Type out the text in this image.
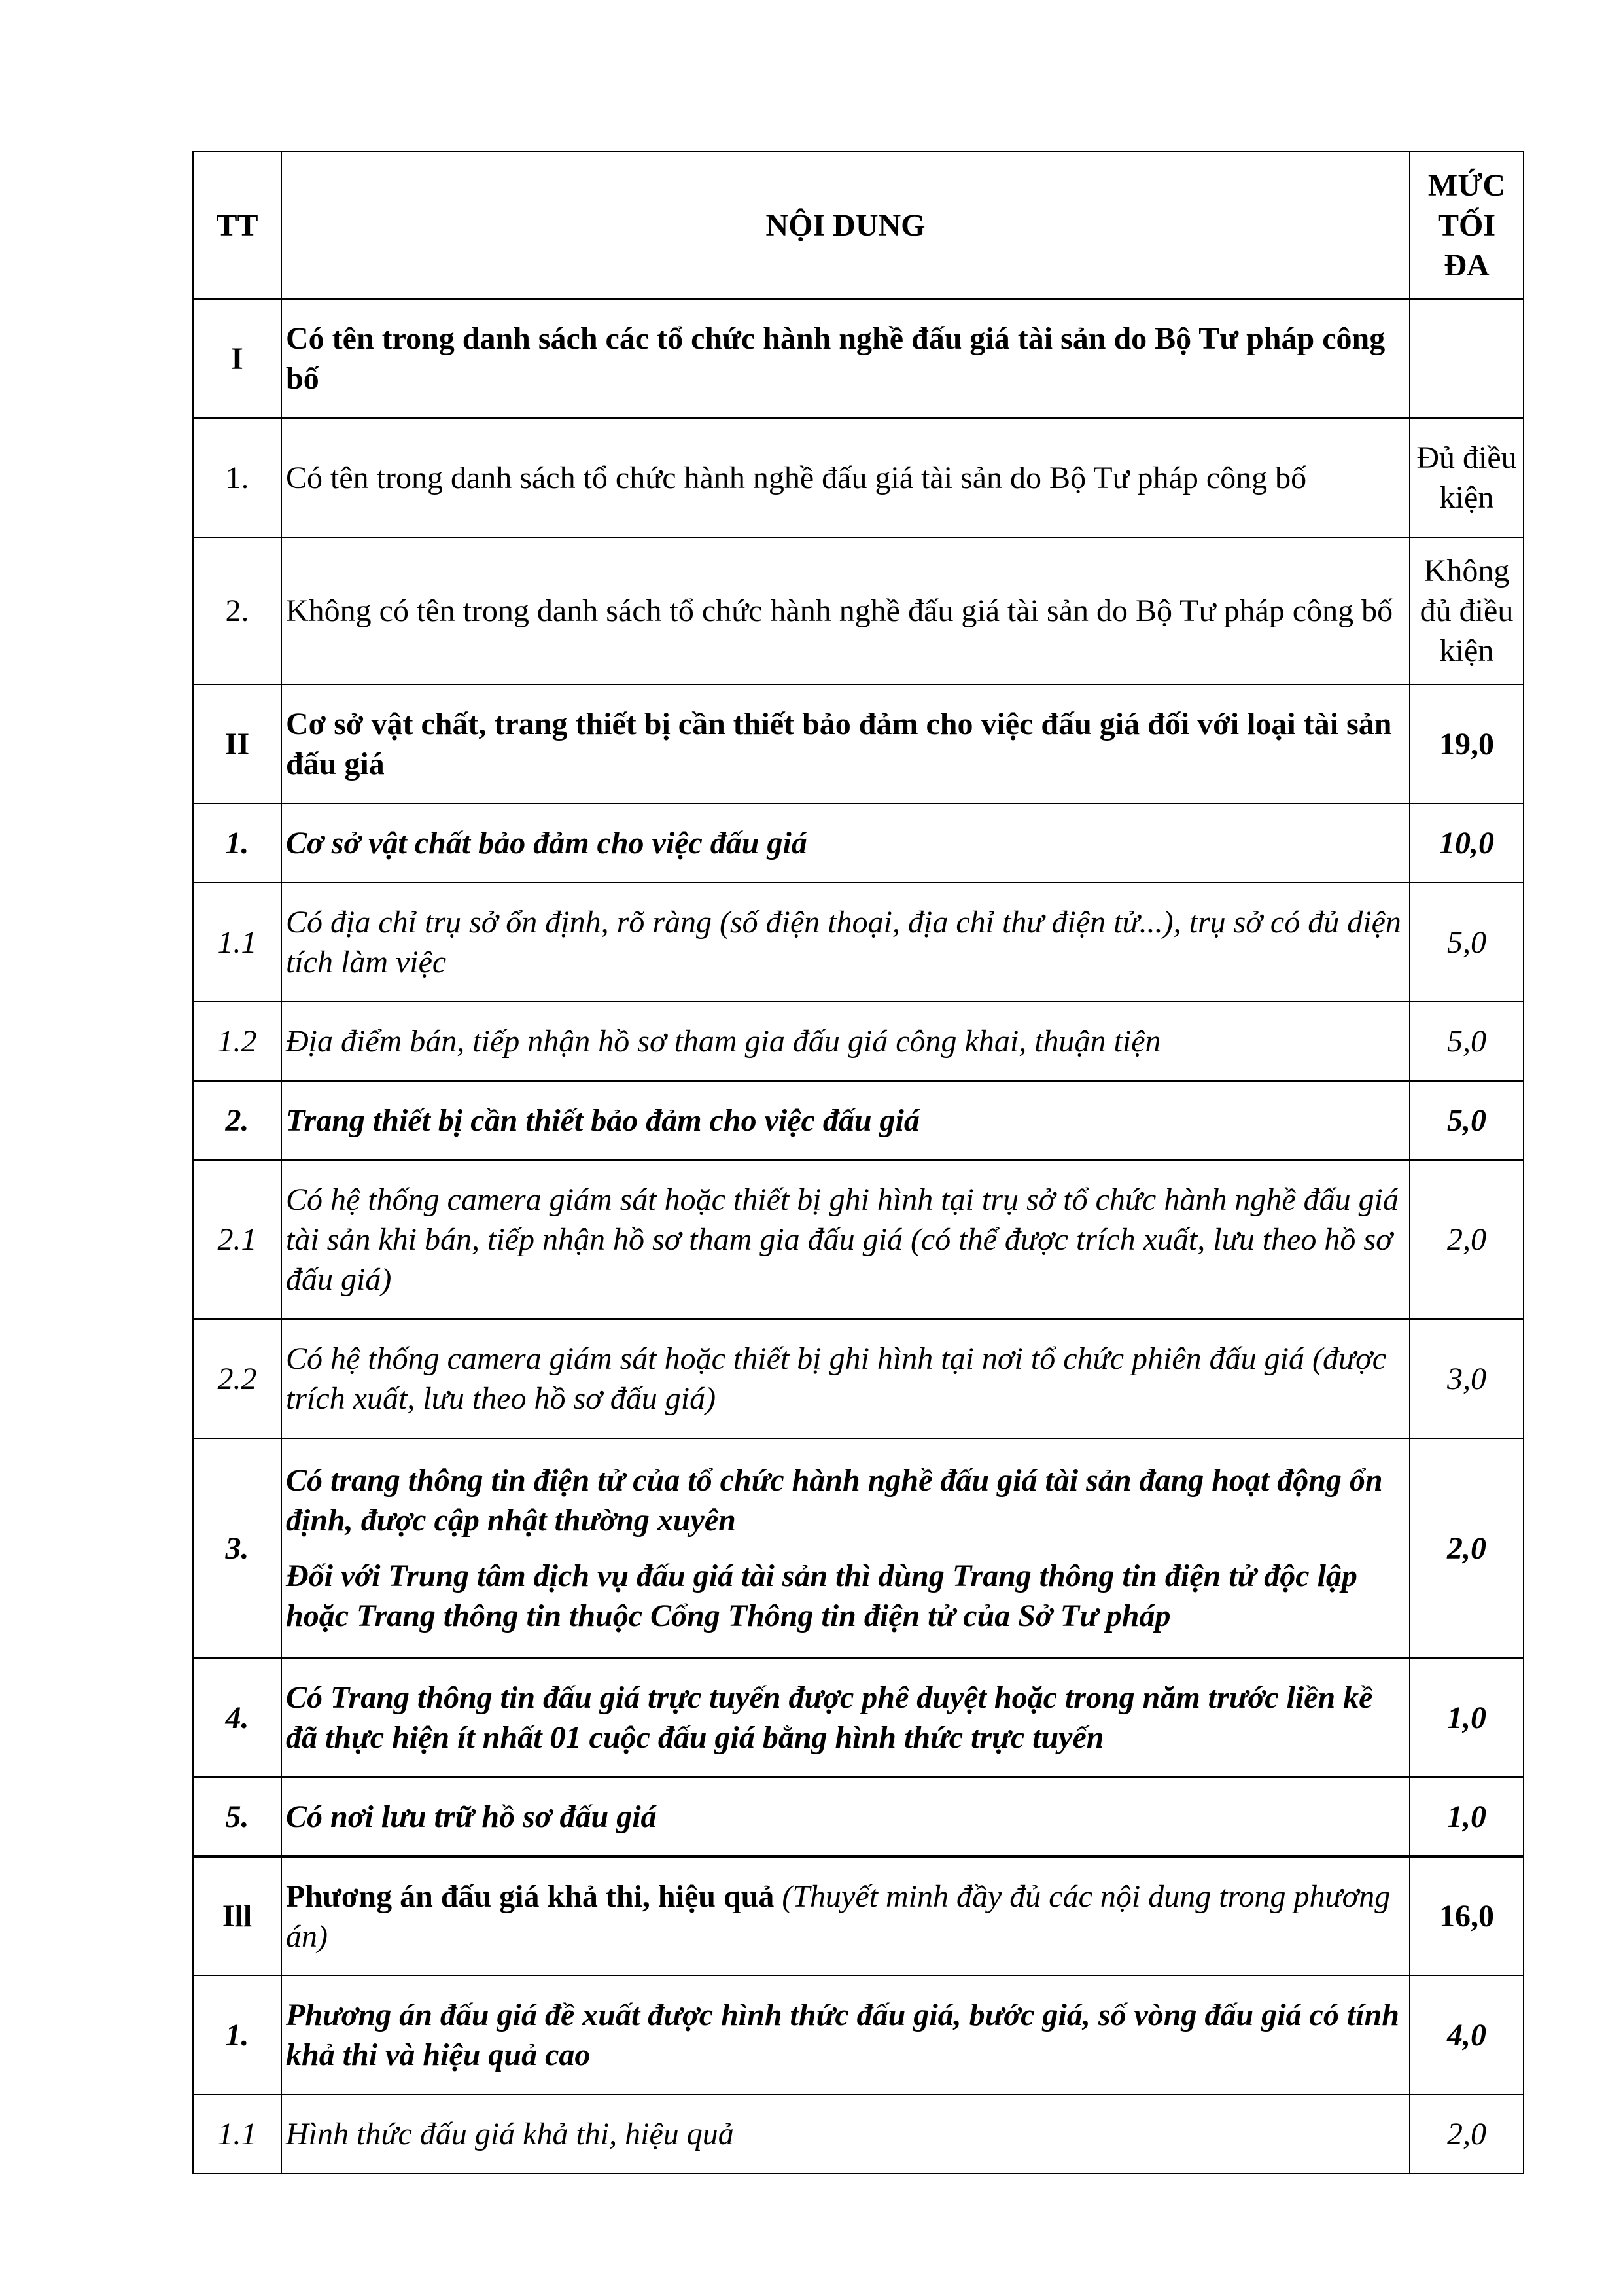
TT	NỘI DUNG	MỨC TỐI ĐA
I	Có tên trong danh sách các tổ chức hành nghề đấu giá tài sản do Bộ Tư pháp công bố	
1.	Có tên trong danh sách tổ chức hành nghề đấu giá tài sản do Bộ Tư pháp công bố	Đủ điều kiện
2.	Không có tên trong danh sách tổ chức hành nghề đấu giá tài sản do Bộ Tư pháp công bố	Không đủ điều kiện
II	Cơ sở vật chất, trang thiết bị cần thiết bảo đảm cho việc đấu giá đối với loại tài sản đấu giá	19,0
1.	Cơ sở vật chất bảo đảm cho việc đấu giá	10,0
1.1	Có địa chỉ trụ sở ổn định, rõ ràng (số điện thoại, địa chỉ thư điện tử...), trụ sở có đủ diện tích làm việc	5,0
1.2	Địa điểm bán, tiếp nhận hồ sơ tham gia đấu giá công khai, thuận tiện	5,0
2.	Trang thiết bị cần thiết bảo đảm cho việc đấu giá	5,0
2.1	Có hệ thống camera giám sát hoặc thiết bị ghi hình tại trụ sở tổ chức hành nghề đấu giá tài sản khi bán, tiếp nhận hồ sơ tham gia đấu giá (có thể được trích xuất, lưu theo hồ sơ đấu giá)	2,0
2.2	Có hệ thống camera giám sát hoặc thiết bị ghi hình tại nơi tổ chức phiên đấu giá (được trích xuất, lưu theo hồ sơ đấu giá)	3,0
3.	Có trang thông tin điện tử của tổ chức hành nghề đấu giá tài sản đang hoạt động ổn định, được cập nhật thường xuyên
Đối với Trung tâm dịch vụ đấu giá tài sản thì dùng Trang thông tin điện tử độc lập hoặc Trang thông tin thuộc Cổng Thông tin điện tử của Sở Tư pháp	2,0
4.	Có Trang thông tin đấu giá trực tuyến được phê duyệt hoặc trong năm trước liền kề đã thực hiện ít nhất 01 cuộc đấu giá bằng hình thức trực tuyến	1,0
5.	Có nơi lưu trữ hồ sơ đấu giá	1,0
Ill	Phương án đấu giá khả thi, hiệu quả (Thuyết minh đầy đủ các nội dung trong phương án)	16,0
1.	Phương án đấu giá đề xuất được hình thức đấu giá, bước giá, số vòng đấu giá có tính khả thi và hiệu quả cao	4,0
1.1	Hình thức đấu giá khả thi, hiệu quả	2,0
